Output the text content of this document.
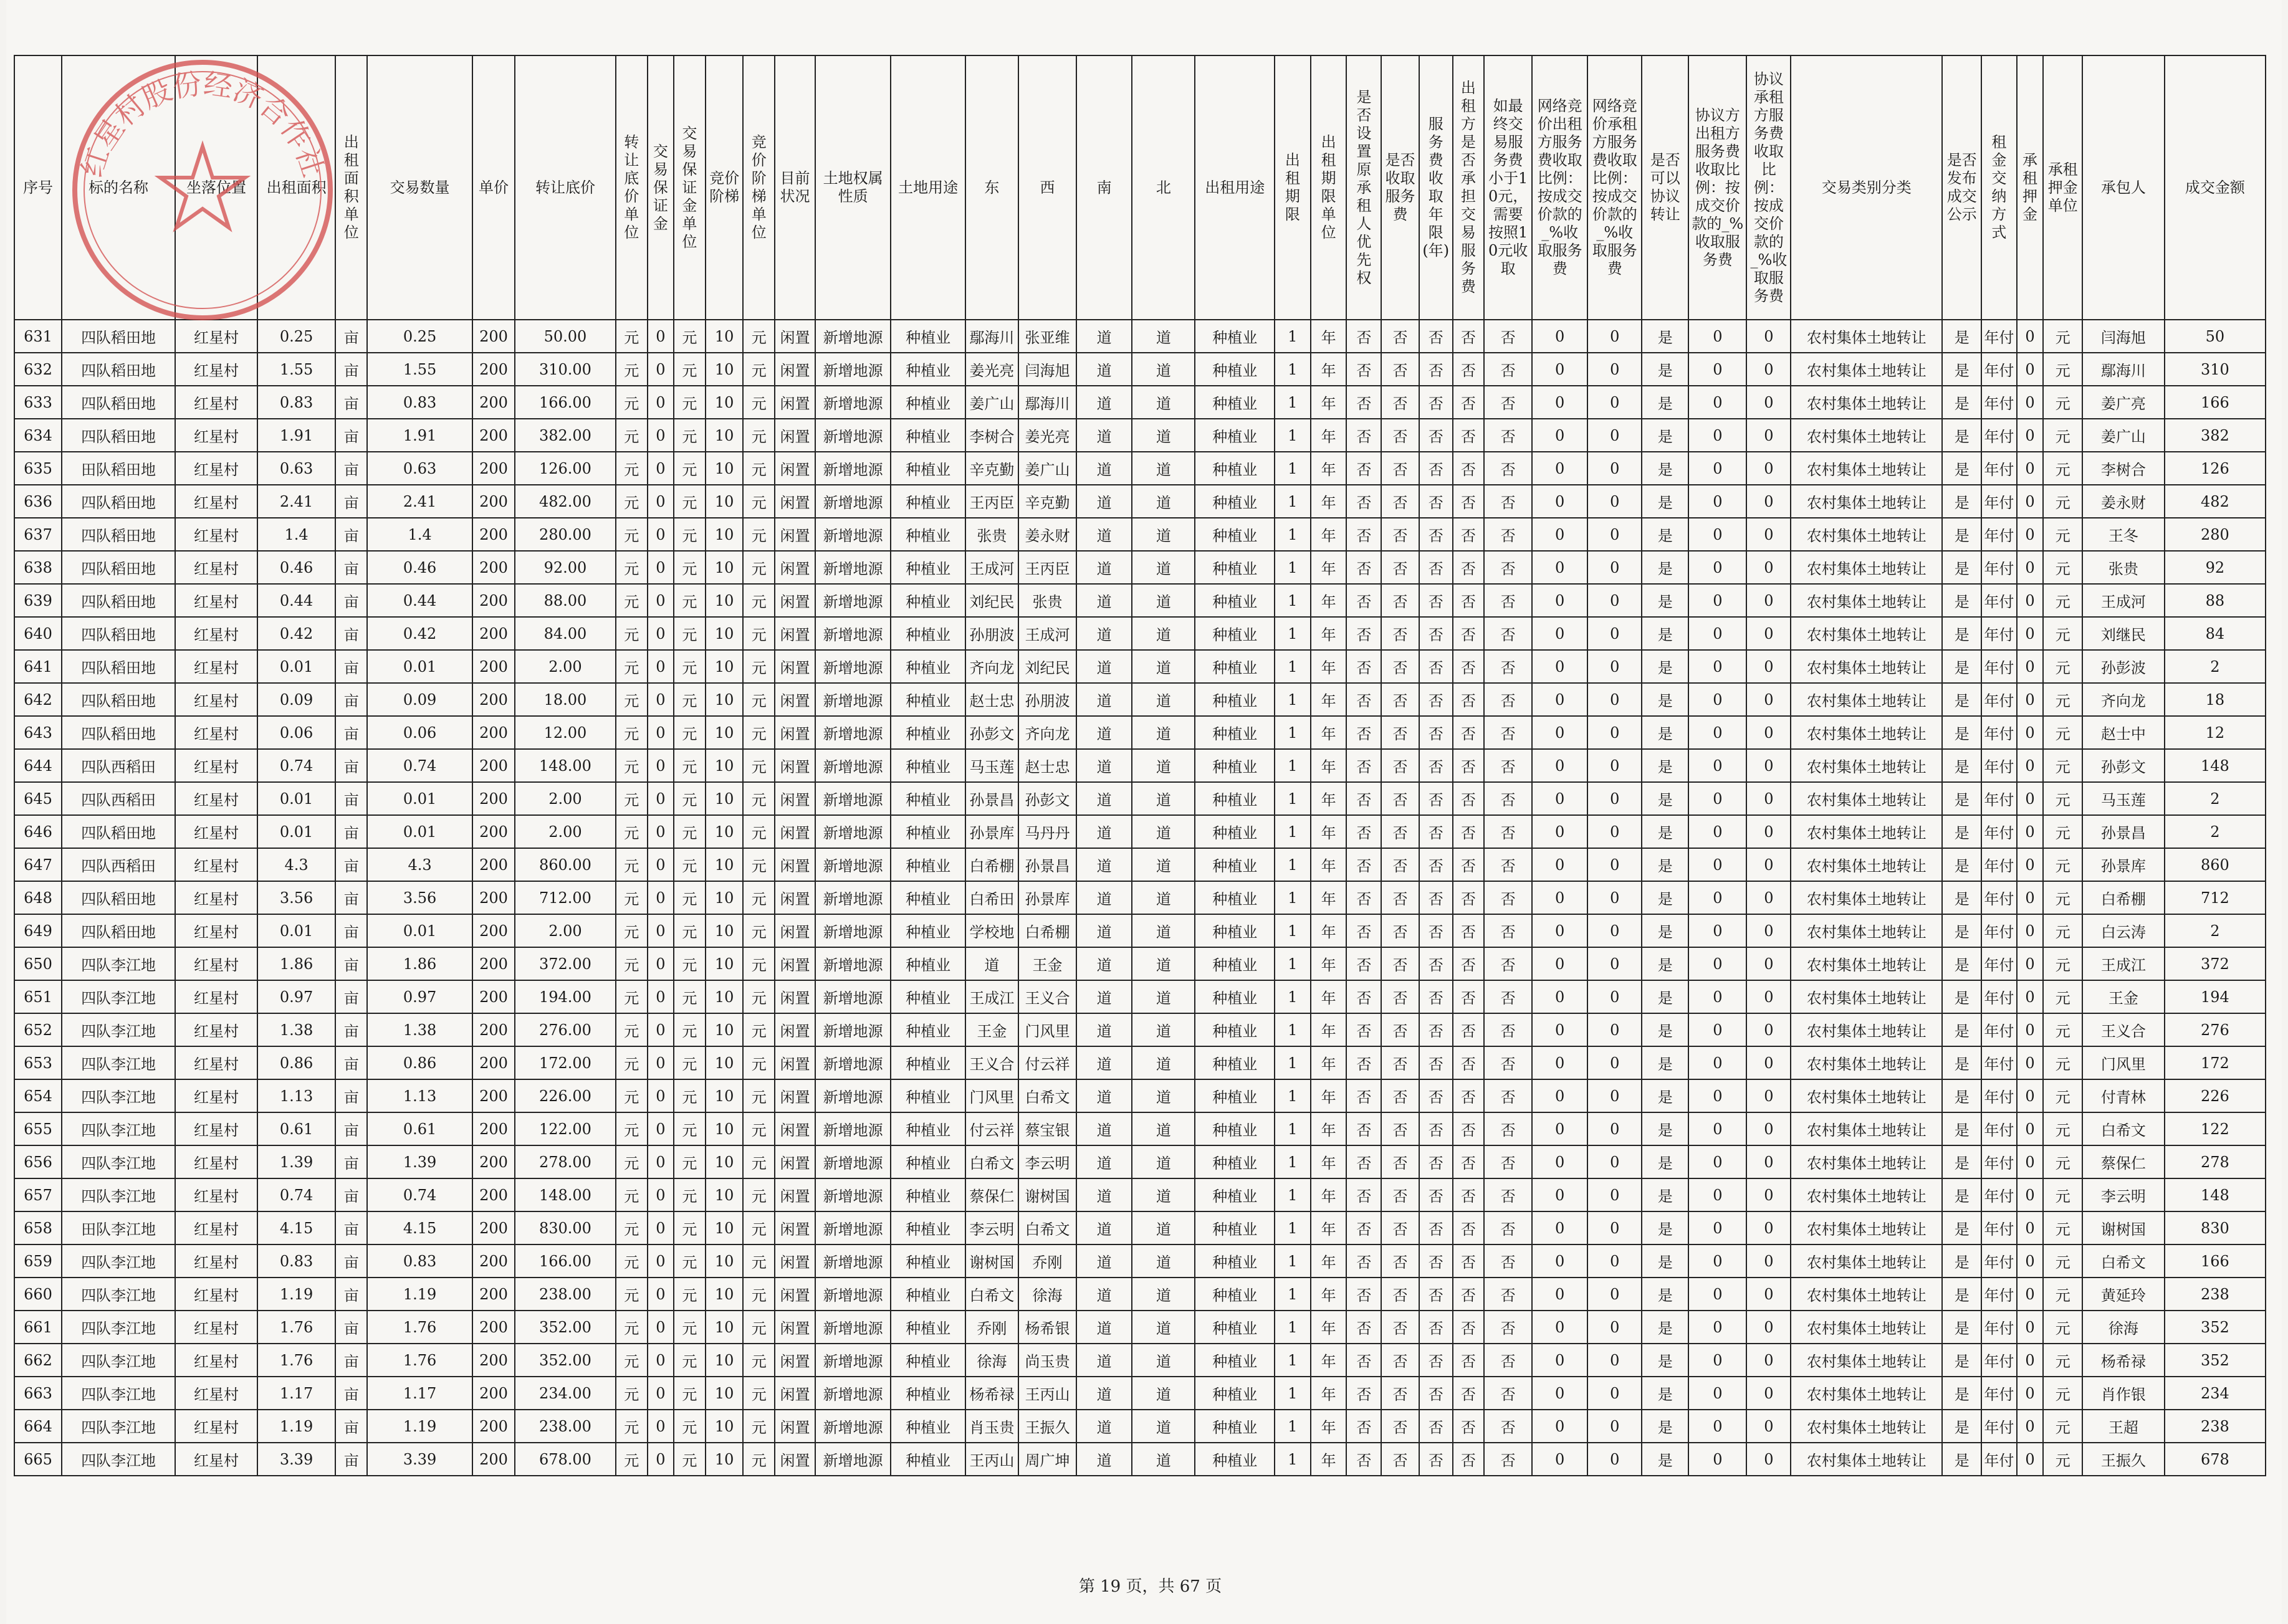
序号	标的名称	坐落位置	出租面积	出租面积单位	交易数量	单价	转让底价	转让底价单位	交易保证金	交易保证金单位	竞价阶梯	竞价阶梯单位	目前状况	土地权属性质	土地用途	东	西	南	北	出租用途	出租期限	出租期限单位	是否设置原承租人优先权	是否收取服务费	服务费收取年限(年)	出租方是否承担交易服务费	如最终交易服务费小于10元，需要按照10元收取	网络竞价出租方服务费收取比例：按成交价款的_%收取服务费	网络竞价承租方服务费收取比例：按成交价款的_%收取服务费	是否可以协议转让	协议方出租方服务费收取比例：按成交价款的_%收取服务费	协议承租方服务费收取比例：按成交价款的_%收取服务费	交易类别分类	是否发布成交公示	租金交纳方式	承租押金	承租押金单位	承包人	成交金额
631	四队稻田地	红星村	0.25	亩	0.25	200	50.00	元	0	元	10	元	闲置	新增地源	种植业	鄢海川	张亚维	道	道	种植业	1	年	否	否	否	否	否	0	0	是	0	0	农村集体土地转让	是	年付	0	元	闫海旭	50
632	四队稻田地	红星村	1.55	亩	1.55	200	310.00	元	0	元	10	元	闲置	新增地源	种植业	姜光亮	闫海旭	道	道	种植业	1	年	否	否	否	否	否	0	0	是	0	0	农村集体土地转让	是	年付	0	元	鄢海川	310
633	四队稻田地	红星村	0.83	亩	0.83	200	166.00	元	0	元	10	元	闲置	新增地源	种植业	姜广山	鄢海川	道	道	种植业	1	年	否	否	否	否	否	0	0	是	0	0	农村集体土地转让	是	年付	0	元	姜广亮	166
634	四队稻田地	红星村	1.91	亩	1.91	200	382.00	元	0	元	10	元	闲置	新增地源	种植业	李树合	姜光亮	道	道	种植业	1	年	否	否	否	否	否	0	0	是	0	0	农村集体土地转让	是	年付	0	元	姜广山	382
635	田队稻田地	红星村	0.63	亩	0.63	200	126.00	元	0	元	10	元	闲置	新增地源	种植业	辛克勤	姜广山	道	道	种植业	1	年	否	否	否	否	否	0	0	是	0	0	农村集体土地转让	是	年付	0	元	李树合	126
636	四队稻田地	红星村	2.41	亩	2.41	200	482.00	元	0	元	10	元	闲置	新增地源	种植业	王丙臣	辛克勤	道	道	种植业	1	年	否	否	否	否	否	0	0	是	0	0	农村集体土地转让	是	年付	0	元	姜永财	482
637	四队稻田地	红星村	1.4	亩	1.4	200	280.00	元	0	元	10	元	闲置	新增地源	种植业	张贵	姜永财	道	道	种植业	1	年	否	否	否	否	否	0	0	是	0	0	农村集体土地转让	是	年付	0	元	王冬	280
638	四队稻田地	红星村	0.46	亩	0.46	200	92.00	元	0	元	10	元	闲置	新增地源	种植业	王成河	王丙臣	道	道	种植业	1	年	否	否	否	否	否	0	0	是	0	0	农村集体土地转让	是	年付	0	元	张贵	92
639	四队稻田地	红星村	0.44	亩	0.44	200	88.00	元	0	元	10	元	闲置	新增地源	种植业	刘纪民	张贵	道	道	种植业	1	年	否	否	否	否	否	0	0	是	0	0	农村集体土地转让	是	年付	0	元	王成河	88
640	四队稻田地	红星村	0.42	亩	0.42	200	84.00	元	0	元	10	元	闲置	新增地源	种植业	孙朋波	王成河	道	道	种植业	1	年	否	否	否	否	否	0	0	是	0	0	农村集体土地转让	是	年付	0	元	刘继民	84
641	四队稻田地	红星村	0.01	亩	0.01	200	2.00	元	0	元	10	元	闲置	新增地源	种植业	齐向龙	刘纪民	道	道	种植业	1	年	否	否	否	否	否	0	0	是	0	0	农村集体土地转让	是	年付	0	元	孙彭波	2
642	四队稻田地	红星村	0.09	亩	0.09	200	18.00	元	0	元	10	元	闲置	新增地源	种植业	赵士忠	孙朋波	道	道	种植业	1	年	否	否	否	否	否	0	0	是	0	0	农村集体土地转让	是	年付	0	元	齐向龙	18
643	四队稻田地	红星村	0.06	亩	0.06	200	12.00	元	0	元	10	元	闲置	新增地源	种植业	孙彭文	齐向龙	道	道	种植业	1	年	否	否	否	否	否	0	0	是	0	0	农村集体土地转让	是	年付	0	元	赵士中	12
644	四队西稻田	红星村	0.74	亩	0.74	200	148.00	元	0	元	10	元	闲置	新增地源	种植业	马玉莲	赵士忠	道	道	种植业	1	年	否	否	否	否	否	0	0	是	0	0	农村集体土地转让	是	年付	0	元	孙彭文	148
645	四队西稻田	红星村	0.01	亩	0.01	200	2.00	元	0	元	10	元	闲置	新增地源	种植业	孙景昌	孙彭文	道	道	种植业	1	年	否	否	否	否	否	0	0	是	0	0	农村集体土地转让	是	年付	0	元	马玉莲	2
646	四队稻田地	红星村	0.01	亩	0.01	200	2.00	元	0	元	10	元	闲置	新增地源	种植业	孙景库	马丹丹	道	道	种植业	1	年	否	否	否	否	否	0	0	是	0	0	农村集体土地转让	是	年付	0	元	孙景昌	2
647	四队西稻田	红星村	4.3	亩	4.3	200	860.00	元	0	元	10	元	闲置	新增地源	种植业	白希棚	孙景昌	道	道	种植业	1	年	否	否	否	否	否	0	0	是	0	0	农村集体土地转让	是	年付	0	元	孙景库	860
648	四队稻田地	红星村	3.56	亩	3.56	200	712.00	元	0	元	10	元	闲置	新增地源	种植业	白希田	孙景库	道	道	种植业	1	年	否	否	否	否	否	0	0	是	0	0	农村集体土地转让	是	年付	0	元	白希棚	712
649	四队稻田地	红星村	0.01	亩	0.01	200	2.00	元	0	元	10	元	闲置	新增地源	种植业	学校地	白希棚	道	道	种植业	1	年	否	否	否	否	否	0	0	是	0	0	农村集体土地转让	是	年付	0	元	白云涛	2
650	四队李江地	红星村	1.86	亩	1.86	200	372.00	元	0	元	10	元	闲置	新增地源	种植业	道	王金	道	道	种植业	1	年	否	否	否	否	否	0	0	是	0	0	农村集体土地转让	是	年付	0	元	王成江	372
651	四队李江地	红星村	0.97	亩	0.97	200	194.00	元	0	元	10	元	闲置	新增地源	种植业	王成江	王义合	道	道	种植业	1	年	否	否	否	否	否	0	0	是	0	0	农村集体土地转让	是	年付	0	元	王金	194
652	四队李江地	红星村	1.38	亩	1.38	200	276.00	元	0	元	10	元	闲置	新增地源	种植业	王金	门风里	道	道	种植业	1	年	否	否	否	否	否	0	0	是	0	0	农村集体土地转让	是	年付	0	元	王义合	276
653	四队李江地	红星村	0.86	亩	0.86	200	172.00	元	0	元	10	元	闲置	新增地源	种植业	王义合	付云祥	道	道	种植业	1	年	否	否	否	否	否	0	0	是	0	0	农村集体土地转让	是	年付	0	元	门风里	172
654	四队李江地	红星村	1.13	亩	1.13	200	226.00	元	0	元	10	元	闲置	新增地源	种植业	门风里	白希文	道	道	种植业	1	年	否	否	否	否	否	0	0	是	0	0	农村集体土地转让	是	年付	0	元	付青林	226
655	四队李江地	红星村	0.61	亩	0.61	200	122.00	元	0	元	10	元	闲置	新增地源	种植业	付云祥	蔡宝银	道	道	种植业	1	年	否	否	否	否	否	0	0	是	0	0	农村集体土地转让	是	年付	0	元	白希文	122
656	四队李江地	红星村	1.39	亩	1.39	200	278.00	元	0	元	10	元	闲置	新增地源	种植业	白希文	李云明	道	道	种植业	1	年	否	否	否	否	否	0	0	是	0	0	农村集体土地转让	是	年付	0	元	蔡保仁	278
657	四队李江地	红星村	0.74	亩	0.74	200	148.00	元	0	元	10	元	闲置	新增地源	种植业	蔡保仁	谢树国	道	道	种植业	1	年	否	否	否	否	否	0	0	是	0	0	农村集体土地转让	是	年付	0	元	李云明	148
658	田队李江地	红星村	4.15	亩	4.15	200	830.00	元	0	元	10	元	闲置	新增地源	种植业	李云明	白希文	道	道	种植业	1	年	否	否	否	否	否	0	0	是	0	0	农村集体土地转让	是	年付	0	元	谢树国	830
659	四队李江地	红星村	0.83	亩	0.83	200	166.00	元	0	元	10	元	闲置	新增地源	种植业	谢树国	乔刚	道	道	种植业	1	年	否	否	否	否	否	0	0	是	0	0	农村集体土地转让	是	年付	0	元	白希文	166
660	四队李江地	红星村	1.19	亩	1.19	200	238.00	元	0	元	10	元	闲置	新增地源	种植业	白希文	徐海	道	道	种植业	1	年	否	否	否	否	否	0	0	是	0	0	农村集体土地转让	是	年付	0	元	黄延玲	238
661	四队李江地	红星村	1.76	亩	1.76	200	352.00	元	0	元	10	元	闲置	新增地源	种植业	乔刚	杨希银	道	道	种植业	1	年	否	否	否	否	否	0	0	是	0	0	农村集体土地转让	是	年付	0	元	徐海	352
662	四队李江地	红星村	1.76	亩	1.76	200	352.00	元	0	元	10	元	闲置	新增地源	种植业	徐海	尚玉贵	道	道	种植业	1	年	否	否	否	否	否	0	0	是	0	0	农村集体土地转让	是	年付	0	元	杨希禄	352
663	四队李江地	红星村	1.17	亩	1.17	200	234.00	元	0	元	10	元	闲置	新增地源	种植业	杨希禄	王丙山	道	道	种植业	1	年	否	否	否	否	否	0	0	是	0	0	农村集体土地转让	是	年付	0	元	肖作银	234
664	四队李江地	红星村	1.19	亩	1.19	200	238.00	元	0	元	10	元	闲置	新增地源	种植业	肖玉贵	王振久	道	道	种植业	1	年	否	否	否	否	否	0	0	是	0	0	农村集体土地转让	是	年付	0	元	王超	238
665	四队李江地	红星村	3.39	亩	3.39	200	678.00	元	0	元	10	元	闲置	新增地源	种植业	王丙山	周广坤	道	道	种植业	1	年	否	否	否	否	否	0	0	是	0	0	农村集体土地转让	是	年付	0	元	王振久	678
红星村股份经济合作社
第 19 页，共 67 页
